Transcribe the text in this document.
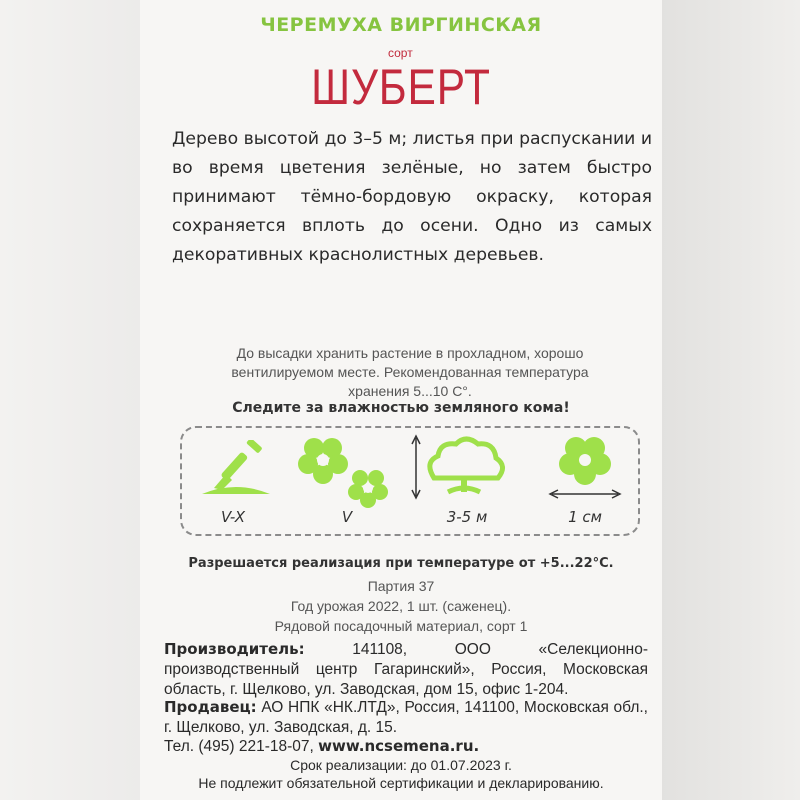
ЧЕРЕМУХА ВИРГИНСКАЯ
сорт
ШУБЕРТ

Дерево высотой до 3–5 м; листья при распускании и во время цветения зелёные, но затем быстро принимают тёмно-бордовую окраску, которая сохраняется вплоть до осени. Одно из самых декоративных краснолистных деревьев.

До высадки хранить растение в прохладном, хорошо
вентилируемом месте. Рекомендованная температура
хранения 5...10 С°.
Следите за влажностью земляного кома!
V-X	V	3-5 м	1 см
Разрешается реализация при температуре от +5...22°С.
Партия 37
Год урожая 2022, 1 шт. (саженец).
Рядовой посадочный материал, сорт 1

Производитель:	141108, ООО «Селекционно-производственный центр Гагаринский», Россия, Московская область, г. Щелково, ул. Заводская, дом 15, офис 1-204.

Продавец: АО НПК «НК.ЛТД», Россия, 141100, Московская обл., г. Щелково, ул. Заводская, д. 15.

Тел. (495) 221-18-07, www.ncsemena.ru.

Срок реализации: до 01.07.2023 г.
Не подлежит обязательной сертификации и декларированию.
